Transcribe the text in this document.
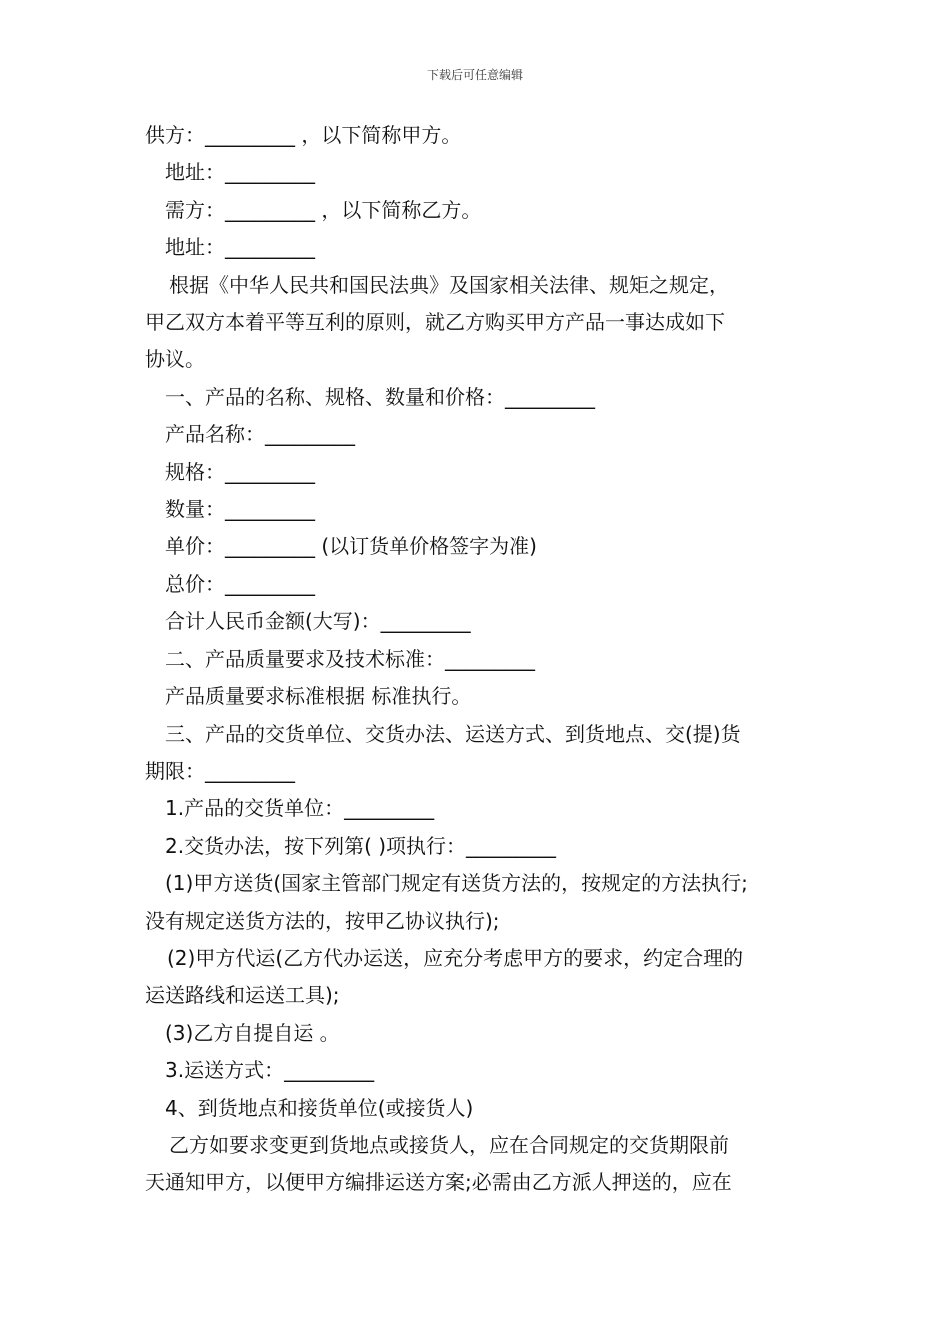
下载后可任意编辑
供方：_________ ，以下简称甲方。
地址：_________
需方：_________ ，以下简称乙方。
地址：_________
根据《中华人民共和国民法典》及国家相关法律、规矩之规定，
甲乙双方本着平等互利的原则，就乙方购买甲方产品一事达成如下
协议。
一、产品的名称、规格、数量和价格：_________
产品名称：_________
规格：_________
数量：_________
单价：_________ (以订货单价格签字为准)
总价：_________
合计人民币金额(大写)：_________
二、产品质量要求及技术标准：_________
产品质量要求标准根据 标准执行。
三、产品的交货单位、交货办法、运送方式、到货地点、交(提)货
期限：_________
1.产品的交货单位：_________
2.交货办法，按下列第( )项执行：_________
(1)甲方送货(国家主管部门规定有送货方法的，按规定的方法执行;
没有规定送货方法的，按甲乙协议执行);
(2)甲方代运(乙方代办运送，应充分考虑甲方的要求，约定合理的
运送路线和运送工具);
(3)乙方自提自运 。
3.运送方式：_________
4、到货地点和接货单位(或接货人)
乙方如要求变更到货地点或接货人，应在合同规定的交货期限前
天通知甲方，以便甲方编排运送方案;必需由乙方派人押送的，应在
